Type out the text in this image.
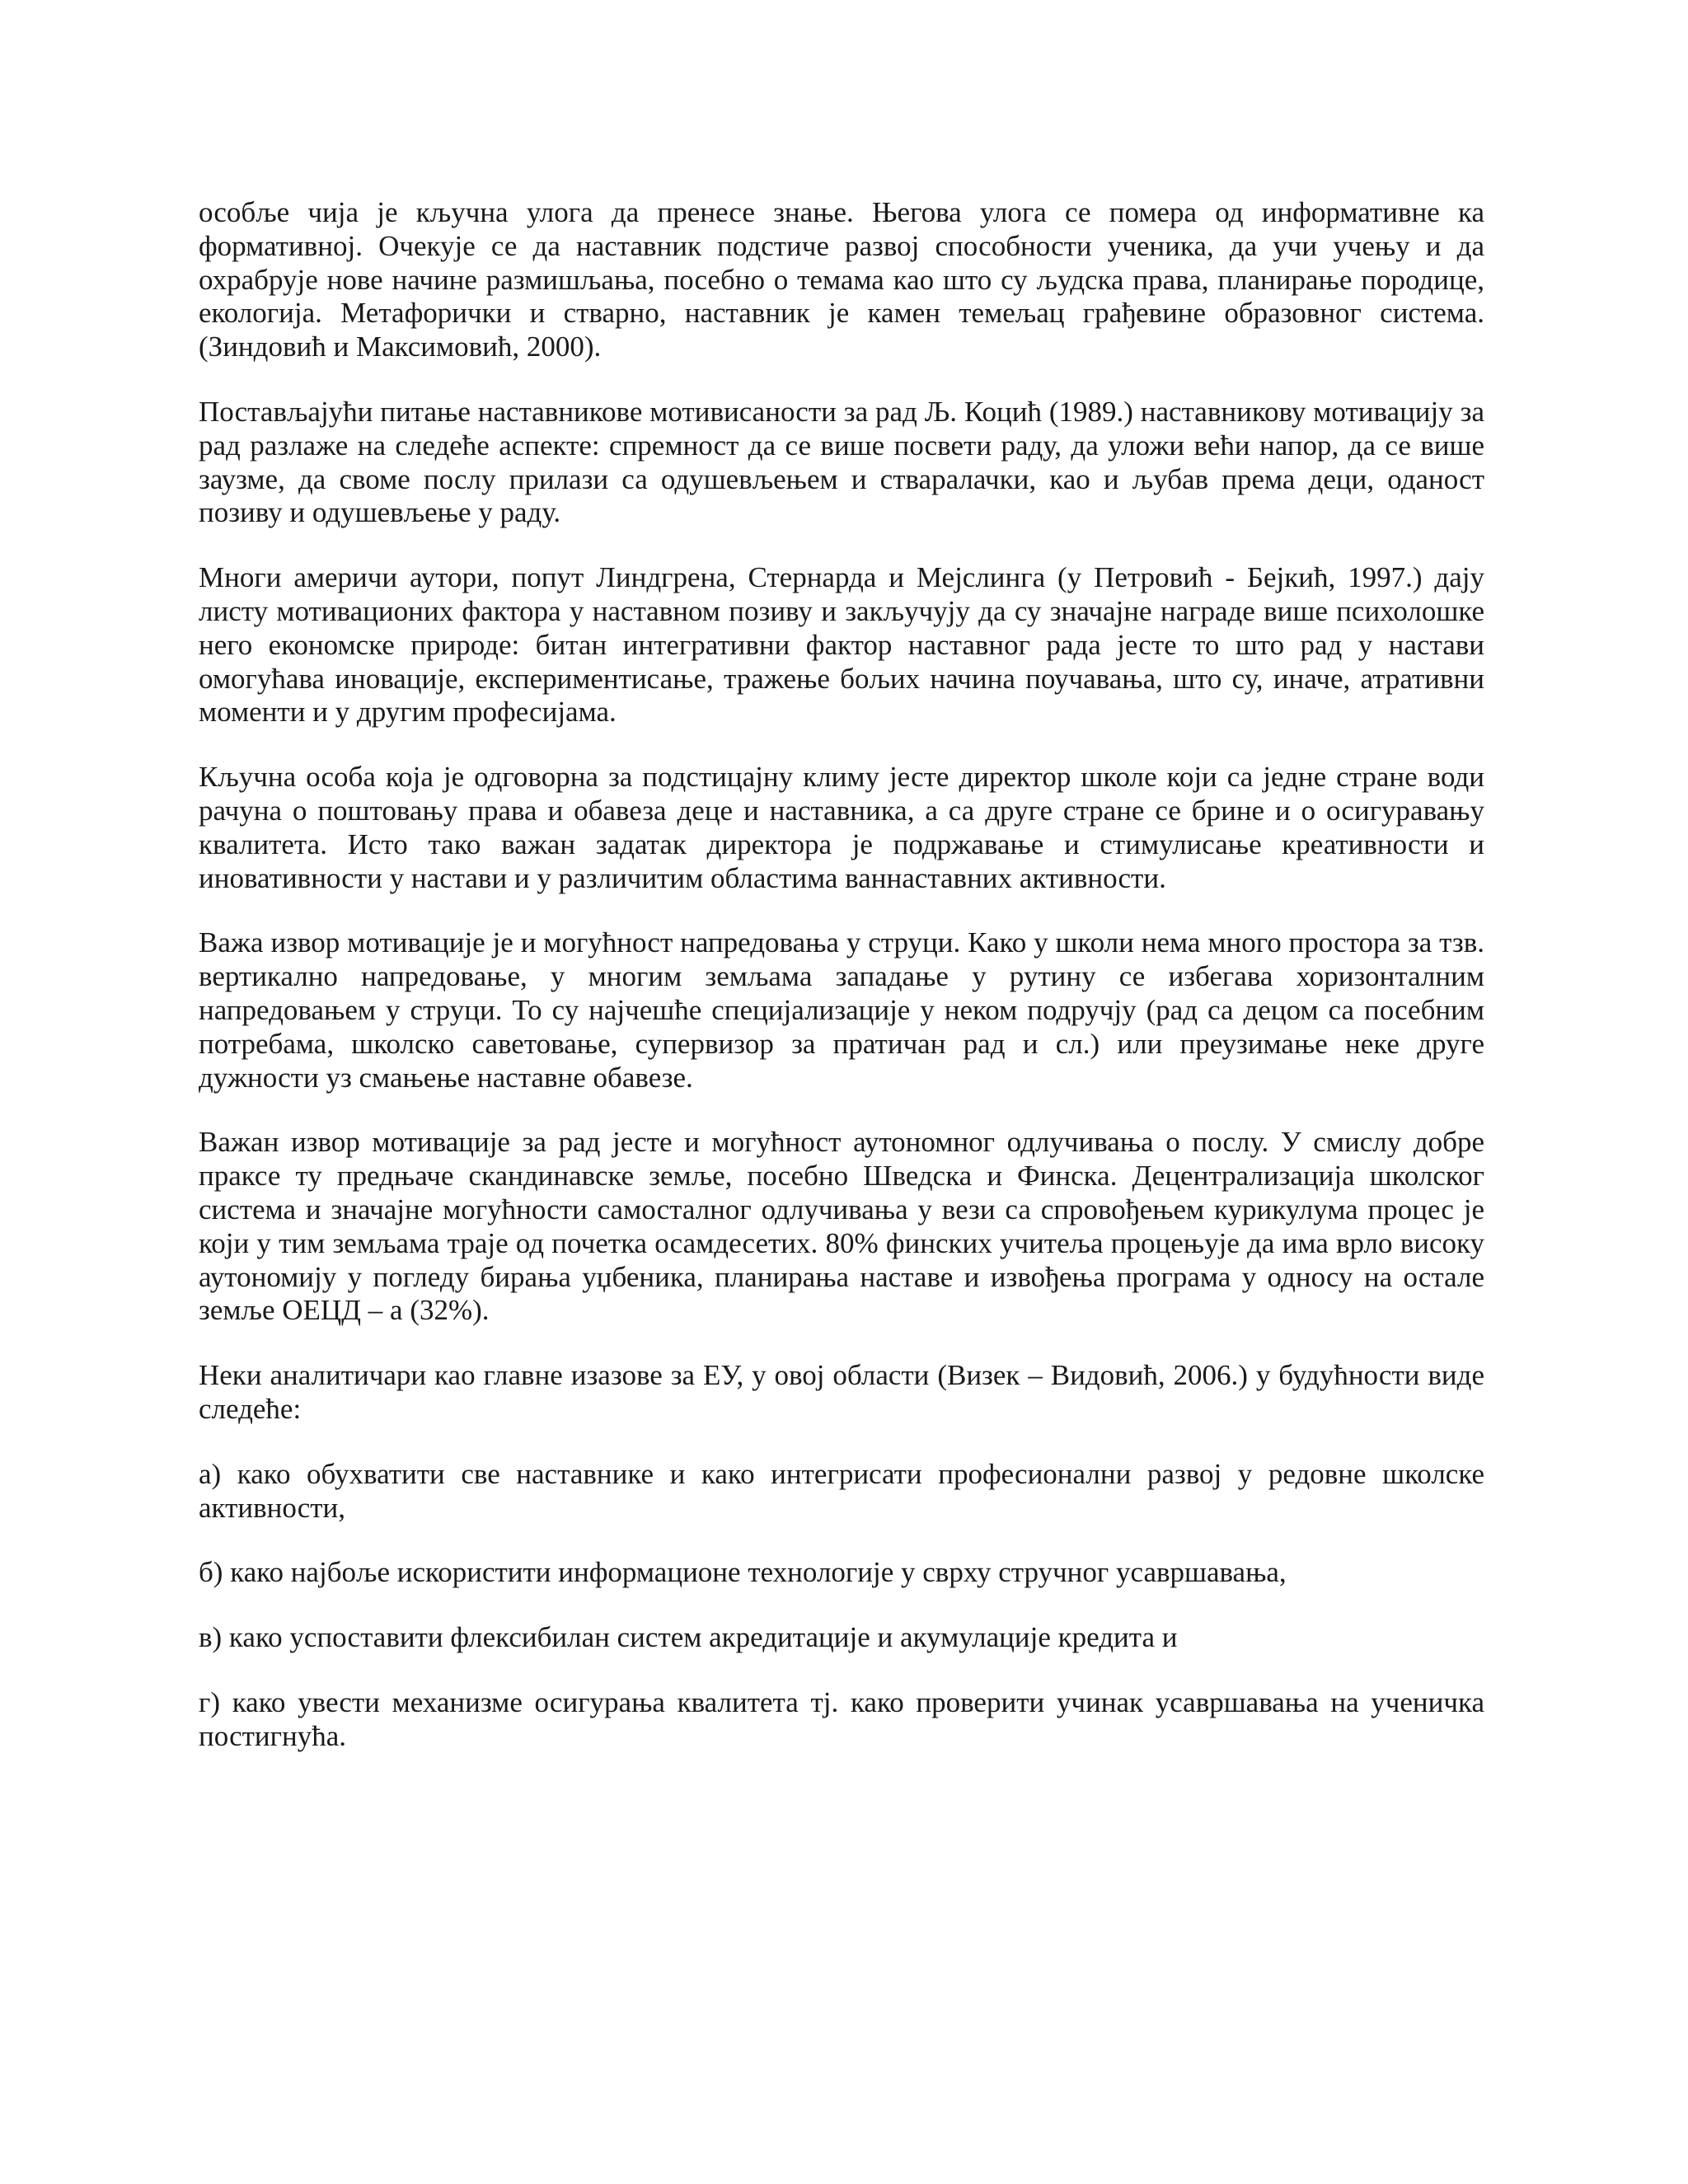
особље чија је кључна улога да пренесе знање. Његова улога се помера од информативне ка формативној. Очекује се да наставник подстиче развој способности ученика, да учи учењу и да охрабрује нове начине размишљања, посебно о темама као што су људска права, планирање породице, екологија. Метафорички и стварно, наставник је камен темељац грађевине образовног система. (Зиндовић и Максимовић, 2000).

Постављајући питање наставникове мотивисаности за рад Љ. Коцић (1989.) наставникову мотивацију за рад разлаже на следеће аспекте: спремност да се више посвети раду, да уложи већи напор, да се више заузме, да своме послу прилази са одушевљењем и стваралачки, као и љубав према деци, оданост позиву и одушевљење у раду.

Многи америчи аутори, попут Линдгрена, Стернарда и Мејслинга (у Петровић - Бејкић, 1997.) дају листу мотивационих фактора у наставном позиву и закључују да су значајне награде више психолошке него економске природе: битан интегративни фактор наставног рада јесте то што рад у настави омогућава иновације, експериментисање, тражење бољих начина поучавања, што су, иначе, атративни моменти и у другим професијама.

Кључна особа која је одговорна за подстицајну климу јесте директор школе који са једне стране води рачуна о поштовању права и обавеза деце и наставника, а са друге стране се брине и о осигуравању квалитета. Исто тако важан задатак директора је подржавање и стимулисање креативности и иновативности у настави и у различитим областима ваннаставних активности.

Важа извор мотивације је и могућност напредовања у струци. Како у школи нема много простора за тзв. вертикално напредовање, у многим земљама западање у рутину се избегава хоризонталним напредовањем у струци. То су најчешће специјализације у неком подручју (рад са децом са посебним потребама, школско саветовање, супервизор за пратичан рад и сл.) или преузимање неке друге дужности уз смањење наставне обавезе.

Важан извор мотивације за рад јесте и могућност аутономног одлучивања о послу. У смислу добре праксе ту предњаче скандинавске земље, посебно Шведска и Финска. Децентрализација школског система и значајне могућности самосталног одлучивања у вези са спровођењем курикулума процес је који у тим земљама траје од почетка осамдесетих. 80% финских учитеља процењује да има врло високу аутономију у погледу бирања уџбеника, планирања наставе и извођења програма у односу на остале земље ОЕЦД – а (32%).

Неки аналитичари као главне изазове за ЕУ, у овој области (Визек – Видовић, 2006.) у будућности виде следеће:

а) како обухватити све наставнике и како интегрисати професионални развој у редовне школске активности,

б) како најбоље искористити информационе технологије у сврху стручног усавршавања,

в) како успоставити флексибилан систем акредитације и акумулације кредита и

г) како увести механизме осигурања квалитета тј. како проверити учинак усавршавања на ученичка постигнућа.
